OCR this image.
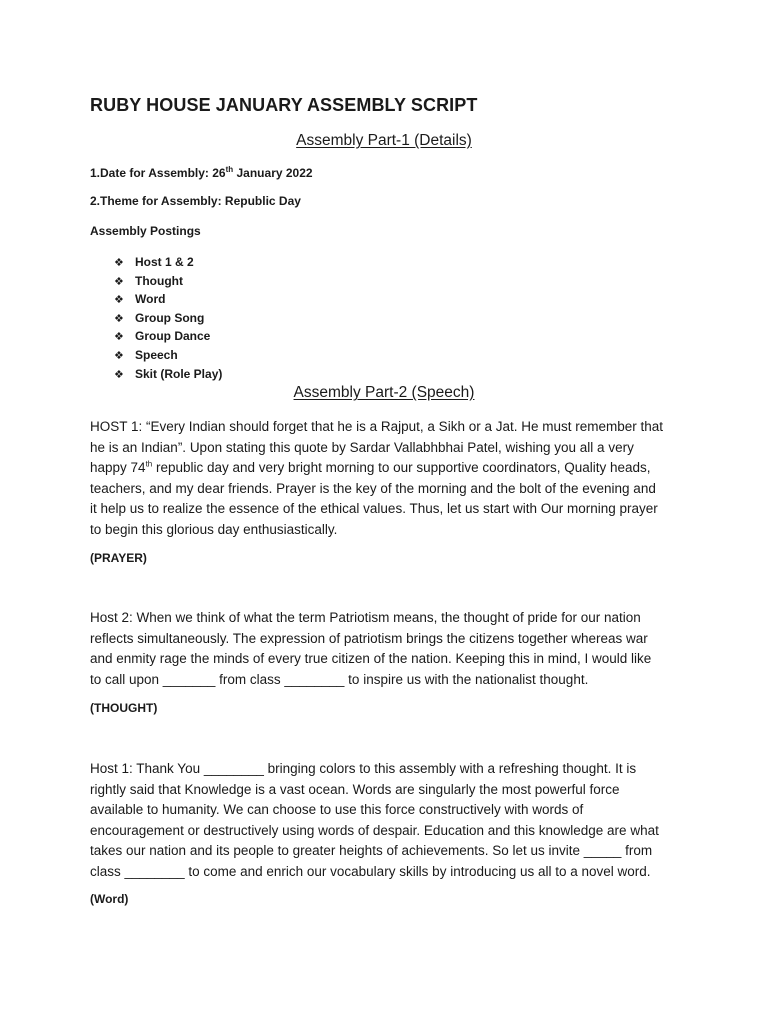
RUBY HOUSE JANUARY ASSEMBLY SCRIPT
Assembly Part-1 (Details)

1.Date for Assembly: 26th January 2022

2.Theme for Assembly: Republic Day

Assembly Postings

❖ Host 1 & 2
❖ Thought
❖ Word
❖ Group Song
❖ Group Dance
❖ Speech
❖ Skit (Role Play)
Assembly Part-2 (Speech)
HOST 1: “Every Indian should forget that he is a Rajput, a Sikh or a Jat. He must remember that
he is an Indian”. Upon stating this quote by Sardar Vallabhbhai Patel, wishing you all a very
happy 74th republic day and very bright morning to our supportive coordinators, Quality heads,
teachers, and my dear friends. Prayer is the key of the morning and the bolt of the evening and
it help us to realize the essence of the ethical values. Thus, let us start with Our morning prayer
to begin this glorious day enthusiastically.

(PRAYER)

Host 2: When we think of what the term Patriotism means, the thought of pride for our nation
reflects simultaneously. The expression of patriotism brings the citizens together whereas war
and enmity rage the minds of every true citizen of the nation. Keeping this in mind, I would like
to call upon _______ from class ________ to inspire us with the nationalist thought.

(THOUGHT)

Host 1: Thank You ________ bringing colors to this assembly with a refreshing thought. It is
rightly said that Knowledge is a vast ocean. Words are singularly the most powerful force
available to humanity. We can choose to use this force constructively with words of
encouragement or destructively using words of despair. Education and this knowledge are what
takes our nation and its people to greater heights of achievements. So let us invite _____ from
class ________ to come and enrich our vocabulary skills by introducing us all to a novel word.

(Word)
